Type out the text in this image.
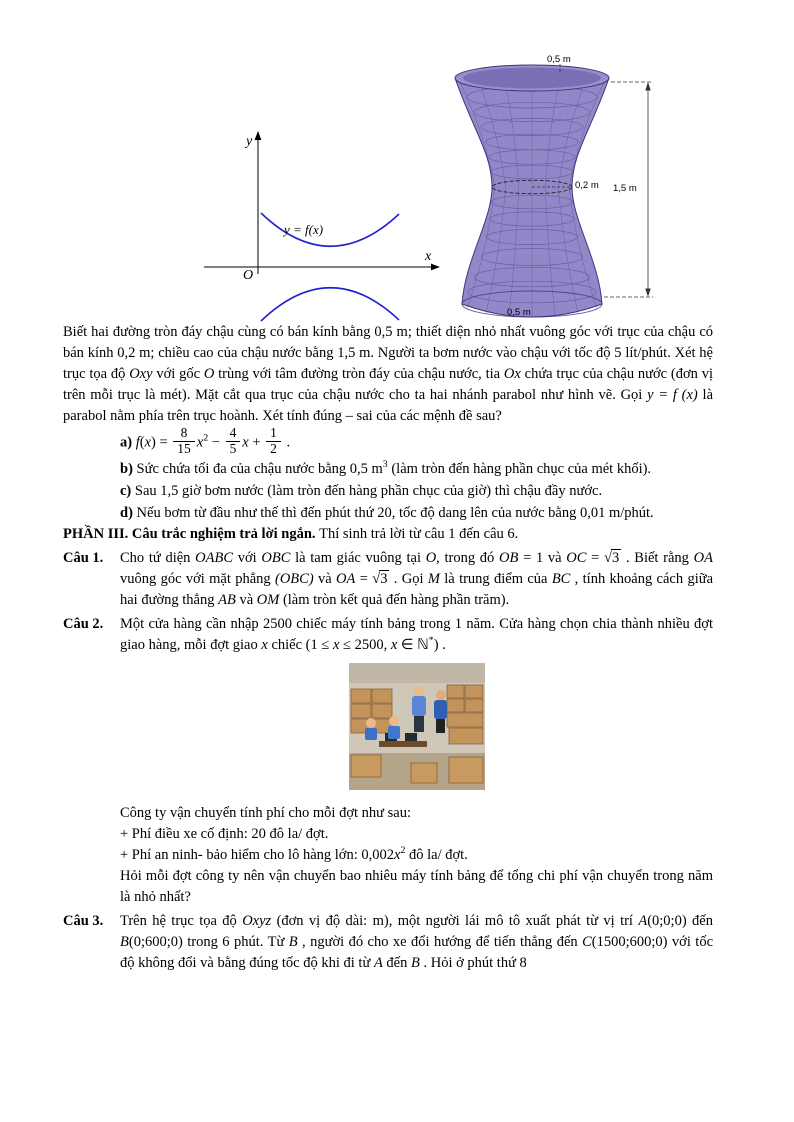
y
x
O
y = f(x)
0,5 m
0,2 m 1,5 m
0,5 m

Biết hai đường tròn đáy chậu cùng có bán kính bằng 0,5 m; thiết diện nhỏ nhất vuông góc với trục của chậu có bán kính 0,2 m; chiều cao của chậu nước bằng 1,5 m. Người ta bơm nước vào chậu với tốc độ 5 lít/phút. Xét hệ trục tọa độ Oxy với gốc O trùng với tâm đường tròn đáy của chậu nước, tia Ox chứa trục của chậu nước (đơn vị trên mỗi trục là mét). Mặt cắt qua trục của chậu nước cho ta hai nhánh parabol như hình vẽ. Gọi y = f (x) là parabol nằm phía trên trục hoành. Xét tính đúng – sai của các mệnh đề sau?

a) $f(x) = \frac{8}{15} x^2 - \frac{4}{5}$ $x + \frac{1}{2}$ .
b) Sức chứa tối đa của chậu nước bằng 0,5 $m^3$ (làm tròn đến hàng phần chục của mét khối).
c) Sau 1,5 giờ bơm nước (làm tròn đến hàng phần chục của giờ) thì chậu đầy nước.
d) Nếu bơm từ đầu như thế thì đến phút thứ 20, tốc độ dang lên của nước bằng 0,01 m/phút.

PHẦN III. Câu trắc nghiệm trả lời ngắn. Thí sinh trả lời từ câu 1 đến câu 6.

Câu 1. Cho tứ diện OABC với OBC là tam giác vuông tại O, trong đó OB = 1 và OC = √3 . Biết rằng OA vuông góc với mặt phẳng (OBC) và OA = √3 . Gọi M là trung điểm của BC , tính khoảng cách giữa hai đường thẳng AB và OM (làm tròn kết quả đến hàng phần trăm).
Câu 2. Một cửa hàng cần nhập 2500 chiếc máy tính bảng trong 1 năm. Cửa hàng chọn chia thành nhiều đợt giao hàng, mỗi đợt giao x chiếc (1 ≤ x ≤ 2500, x ∈ ℕ*) .
Công ty vận chuyển tính phí cho mỗi đợt như sau:
+ Phí điều xe cố định: 20 đô la/ đợt.
+ Phí an ninh- bảo hiểm cho lô hàng lớn: $0,002x^2$ đô la/ đợt.
Hỏi mỗi đợt công ty nên vận chuyển bao nhiêu máy tính bảng để tổng chi phí vận chuyển trong năm là nhỏ nhất?
Câu 3. Trên hệ trục tọa độ Oxyz (đơn vị độ dài: m), một người lái mô tô xuất phát từ vị trí A(0;0;0) đến B(0;600;0) trong 6 phút. Từ B , người đó cho xe đổi hướng để tiến thẳng đến C(1500;600;0) với tốc độ không đổi và bằng đúng tốc độ khi đi từ A đến B . Hỏi ở phút thứ 8
